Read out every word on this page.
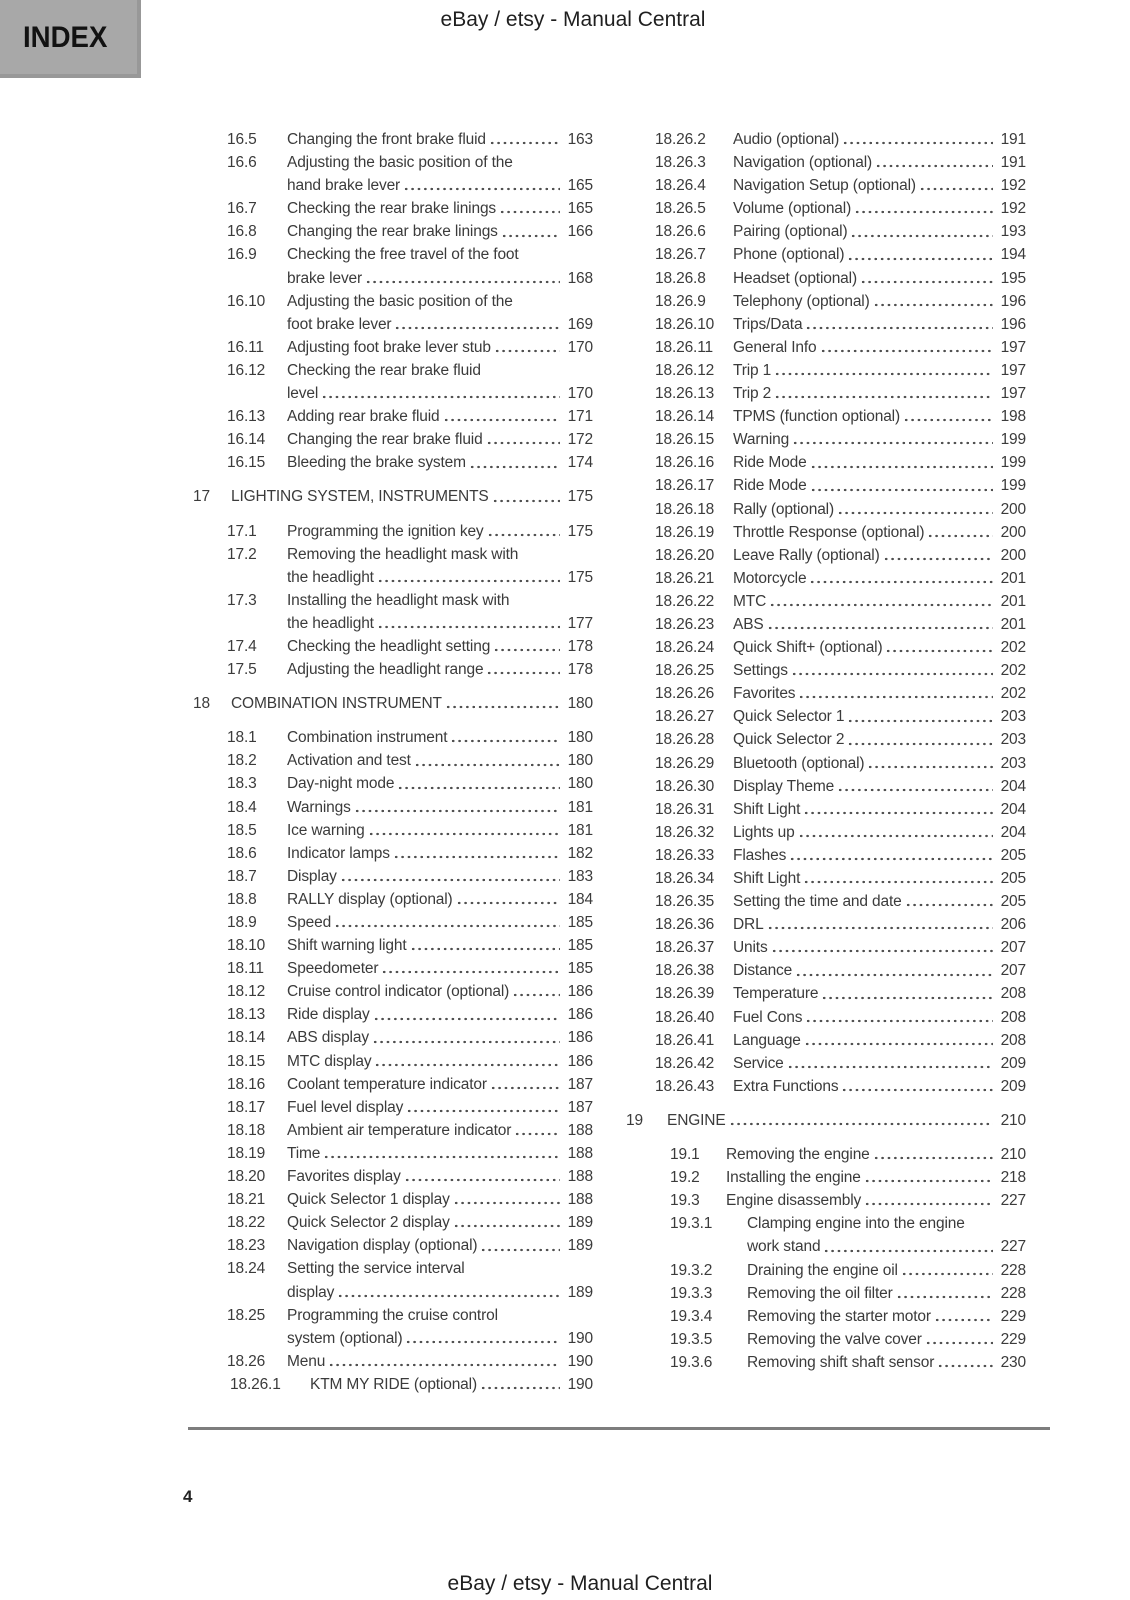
INDEX
eBay / etsy - Manual Central
16.5	Changing the front brake fluid	163
16.6	Adjusting the basic position of the
hand brake lever	165
16.7	Checking the rear brake linings	165
16.8	Changing the rear brake linings	166
16.9	Checking the free travel of the foot
brake lever	168
16.10	Adjusting the basic position of the
foot brake lever	169
16.11	Adjusting foot brake lever stub	170
16.12	Checking the rear brake fluid
level	170
16.13	Adding rear brake fluid	171
16.14	Changing the rear brake fluid	172
16.15	Bleeding the brake system	174
17	LIGHTING SYSTEM, INSTRUMENTS	175
17.1	Programming the ignition key	175
17.2	Removing the headlight mask with
the headlight	175
17.3	Installing the headlight mask with
the headlight	177
17.4	Checking the headlight setting	178
17.5	Adjusting the headlight range	178
18	COMBINATION INSTRUMENT	180
18.1	Combination instrument	180
18.2	Activation and test	180
18.3	Day-night mode	180
18.4	Warnings	181
18.5	Ice warning	181
18.6	Indicator lamps	182
18.7	Display	183
18.8	RALLY display (optional)	184
18.9	Speed	185
18.10	Shift warning light	185
18.11	Speedometer	185
18.12	Cruise control indicator (optional)	186
18.13	Ride display	186
18.14	ABS display	186
18.15	MTC display	186
18.16	Coolant temperature indicator	187
18.17	Fuel level display	187
18.18	Ambient air temperature indicator	188
18.19	Time	188
18.20	Favorites display	188
18.21	Quick Selector 1 display	188
18.22	Quick Selector 2 display	189
18.23	Navigation display (optional)	189
18.24	Setting the service interval
display	189
18.25	Programming the cruise control
system (optional)	190
18.26	Menu	190
18.26.1	KTM MY RIDE (optional)	190
18.26.2	Audio (optional)	191
18.26.3	Navigation (optional)	191
18.26.4	Navigation Setup (optional)	192
18.26.5	Volume (optional)	192
18.26.6	Pairing (optional)	193
18.26.7	Phone (optional)	194
18.26.8	Headset (optional)	195
18.26.9	Telephony (optional)	196
18.26.10	Trips/Data	196
18.26.11	General Info	197
18.26.12	Trip 1	197
18.26.13	Trip 2	197
18.26.14	TPMS (function optional)	198
18.26.15	Warning	199
18.26.16	Ride Mode	199
18.26.17	Ride Mode	199
18.26.18	Rally (optional)	200
18.26.19	Throttle Response (optional)	200
18.26.20	Leave Rally (optional)	200
18.26.21	Motorcycle	201
18.26.22	MTC	201
18.26.23	ABS	201
18.26.24	Quick Shift+ (optional)	202
18.26.25	Settings	202
18.26.26	Favorites	202
18.26.27	Quick Selector 1	203
18.26.28	Quick Selector 2	203
18.26.29	Bluetooth (optional)	203
18.26.30	Display Theme	204
18.26.31	Shift Light	204
18.26.32	Lights up	204
18.26.33	Flashes	205
18.26.34	Shift Light	205
18.26.35	Setting the time and date	205
18.26.36	DRL	206
18.26.37	Units	207
18.26.38	Distance	207
18.26.39	Temperature	208
18.26.40	Fuel Cons	208
18.26.41	Language	208
18.26.42	Service	209
18.26.43	Extra Functions	209
19	ENGINE	210
19.1	Removing the engine	210
19.2	Installing the engine	218
19.3	Engine disassembly	227
19.3.1	Clamping engine into the engine
work stand	227
19.3.2	Draining the engine oil	228
19.3.3	Removing the oil filter	228
19.3.4	Removing the starter motor	229
19.3.5	Removing the valve cover	229
19.3.6	Removing shift shaft sensor	230
4
eBay / etsy - Manual Central
